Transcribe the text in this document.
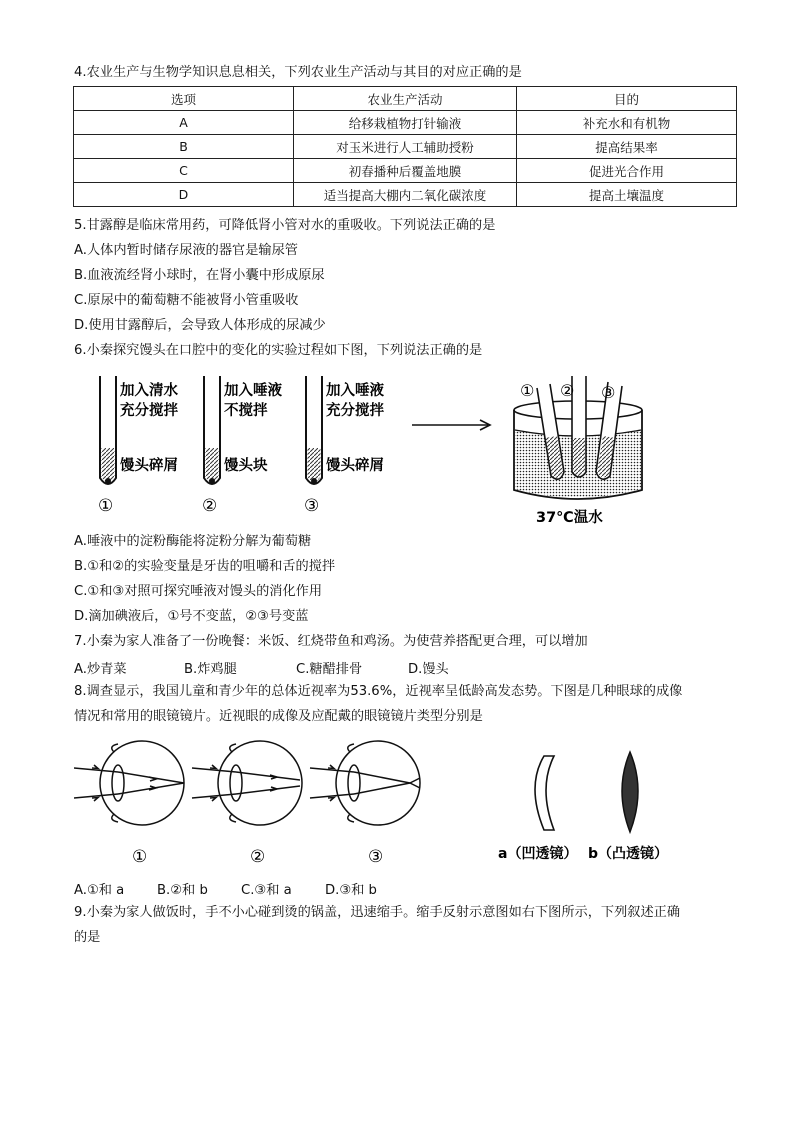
4.农业生产与生物学知识息息相关，下列农业生产活动与其目的对应正确的是
选项	农业生产活动	目的
A	给移栽植物打针输液	补充水和有机物
B	对玉米进行人工辅助授粉	提高结果率
C	初春播种后覆盖地膜	促进光合作用
D	适当提高大棚内二氧化碳浓度	提高土壤温度
5.甘露醇是临床常用药，可降低肾小管对水的重吸收。下列说法正确的是
A.人体内暂时储存尿液的器官是输尿管
B.血液流经肾小球时，在肾小囊中形成原尿
C.原尿中的葡萄糖不能被肾小管重吸收
D.使用甘露醇后，会导致人体形成的尿减少
6.小秦探究馒头在口腔中的变化的实验过程如下图，下列说法正确的是
加入清水
充分搅拌
馒头碎屑
①
加入唾液
不搅拌
馒头块
②
加入唾液
充分搅拌
馒头碎屑
③
① ② ③
37℃温水
A.唾液中的淀粉酶能将淀粉分解为葡萄糖
B.①和②的实验变量是牙齿的咀嚼和舌的搅拌
C.①和③对照可探究唾液对馒头的消化作用
D.滴加碘液后，①号不变蓝，②③号变蓝
7.小秦为家人准备了一份晚餐：米饭、红烧带鱼和鸡汤。为使营养搭配更合理，可以增加
A.炒青菜	B.炸鸡腿	C.糖醋排骨	D.馒头
8.调查显示，我国儿童和青少年的总体近视率为53.6%，近视率呈低龄高发态势。下图是几种眼球的成像
情况和常用的眼镜镜片。近视眼的成像及应配戴的眼镜镜片类型分别是
①	②	③	a（凹透镜） b（凸透镜）
A.①和 a B.②和 b	C.③和 a	D.③和 b
9.小秦为家人做饭时，手不小心碰到烫的锅盖，迅速缩手。缩手反射示意图如右下图所示，下列叙述正确
的是
